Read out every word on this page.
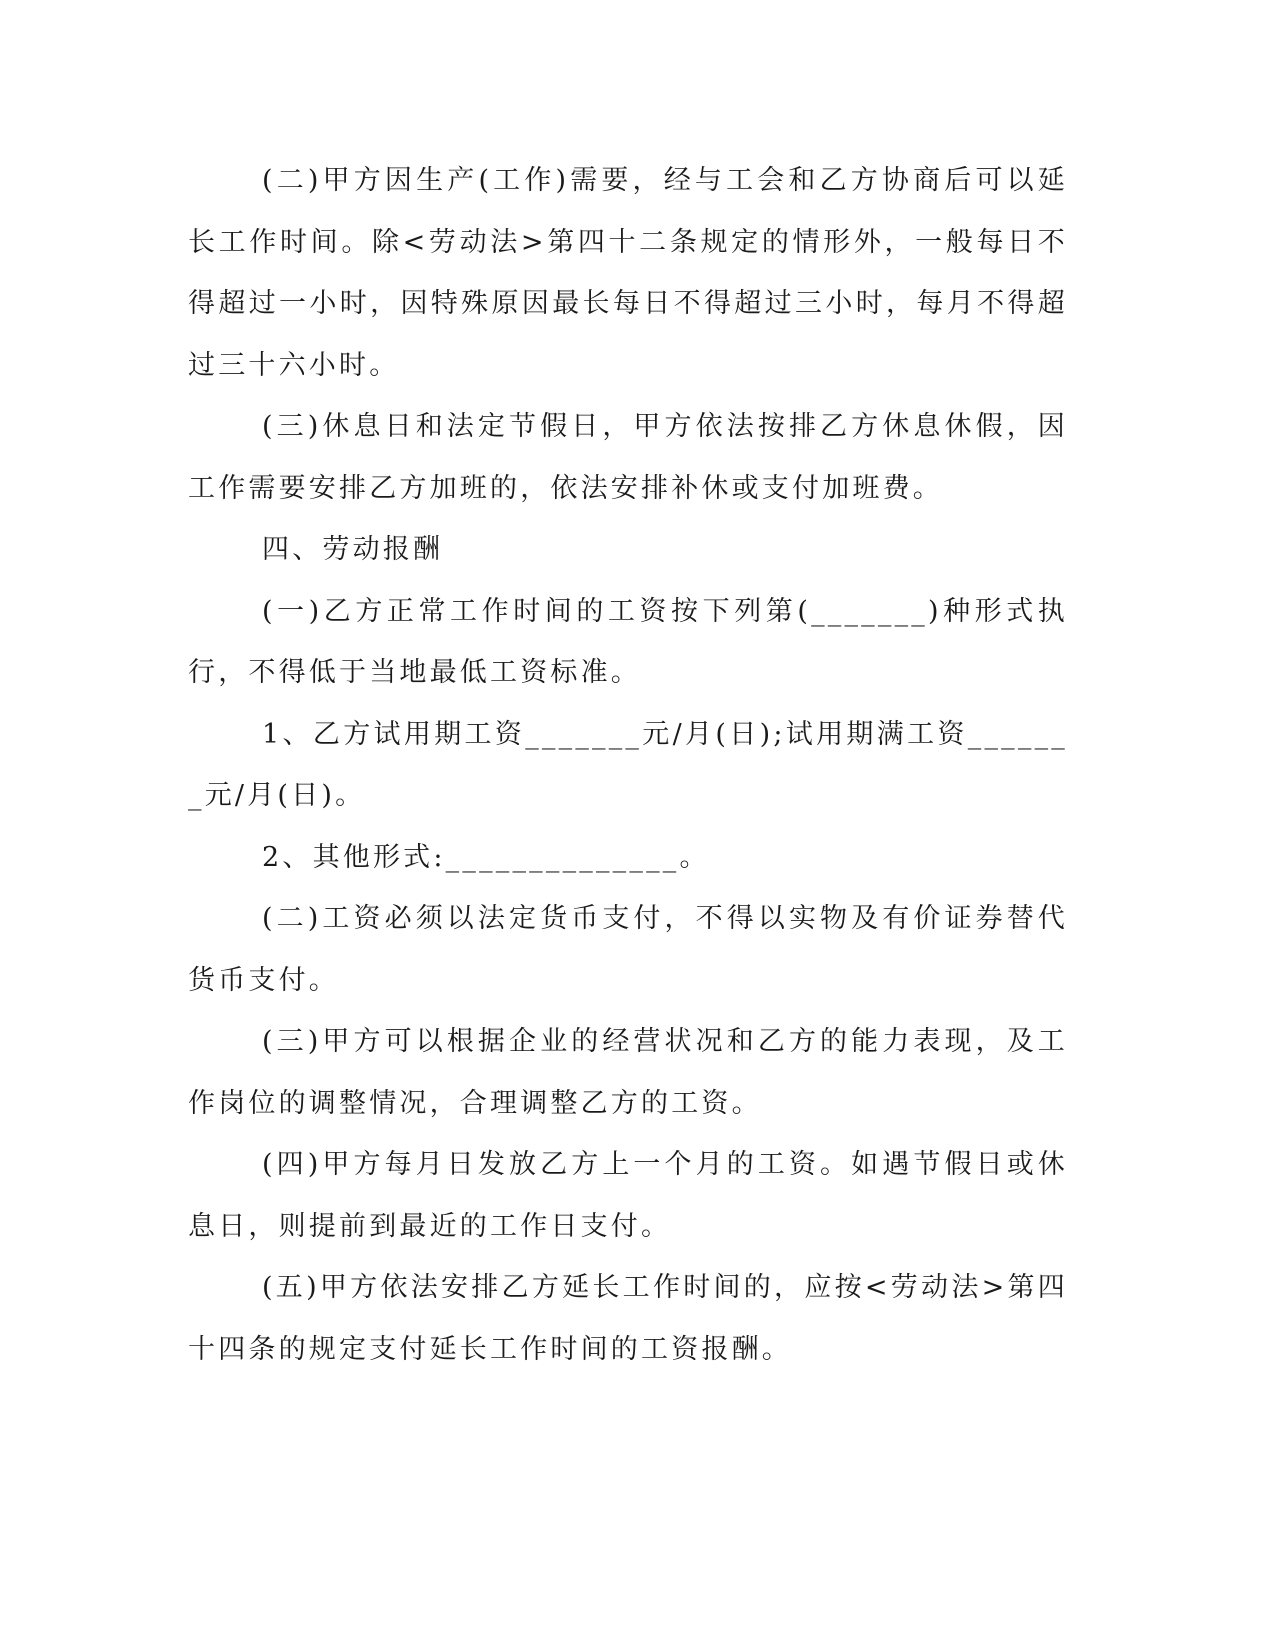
(二)甲方因生产(工作)需要，经与工会和乙方协商后可以延长工作时间。除<劳动法>第四十二条规定的情形外，一般每日不得超过一小时，因特殊原因最长每日不得超过三小时，每月不得超过三十六小时。

(三)休息日和法定节假日，甲方依法按排乙方休息休假，因工作需要安排乙方加班的，依法安排补休或支付加班费。

四、劳动报酬

(一)乙方正常工作时间的工资按下列第(_______)种形式执行，不得低于当地最低工资标准。

1、乙方试用期工资_______元/月(日);试用期满工资_______元/月(日)。

2、其他形式:______________。

(二)工资必须以法定货币支付，不得以实物及有价证券替代货币支付。

(三)甲方可以根据企业的经营状况和乙方的能力表现，及工作岗位的调整情况，合理调整乙方的工资。

(四)甲方每月日发放乙方上一个月的工资。如遇节假日或休息日，则提前到最近的工作日支付。

(五)甲方依法安排乙方延长工作时间的，应按<劳动法>第四十四条的规定支付延长工作时间的工资报酬。
